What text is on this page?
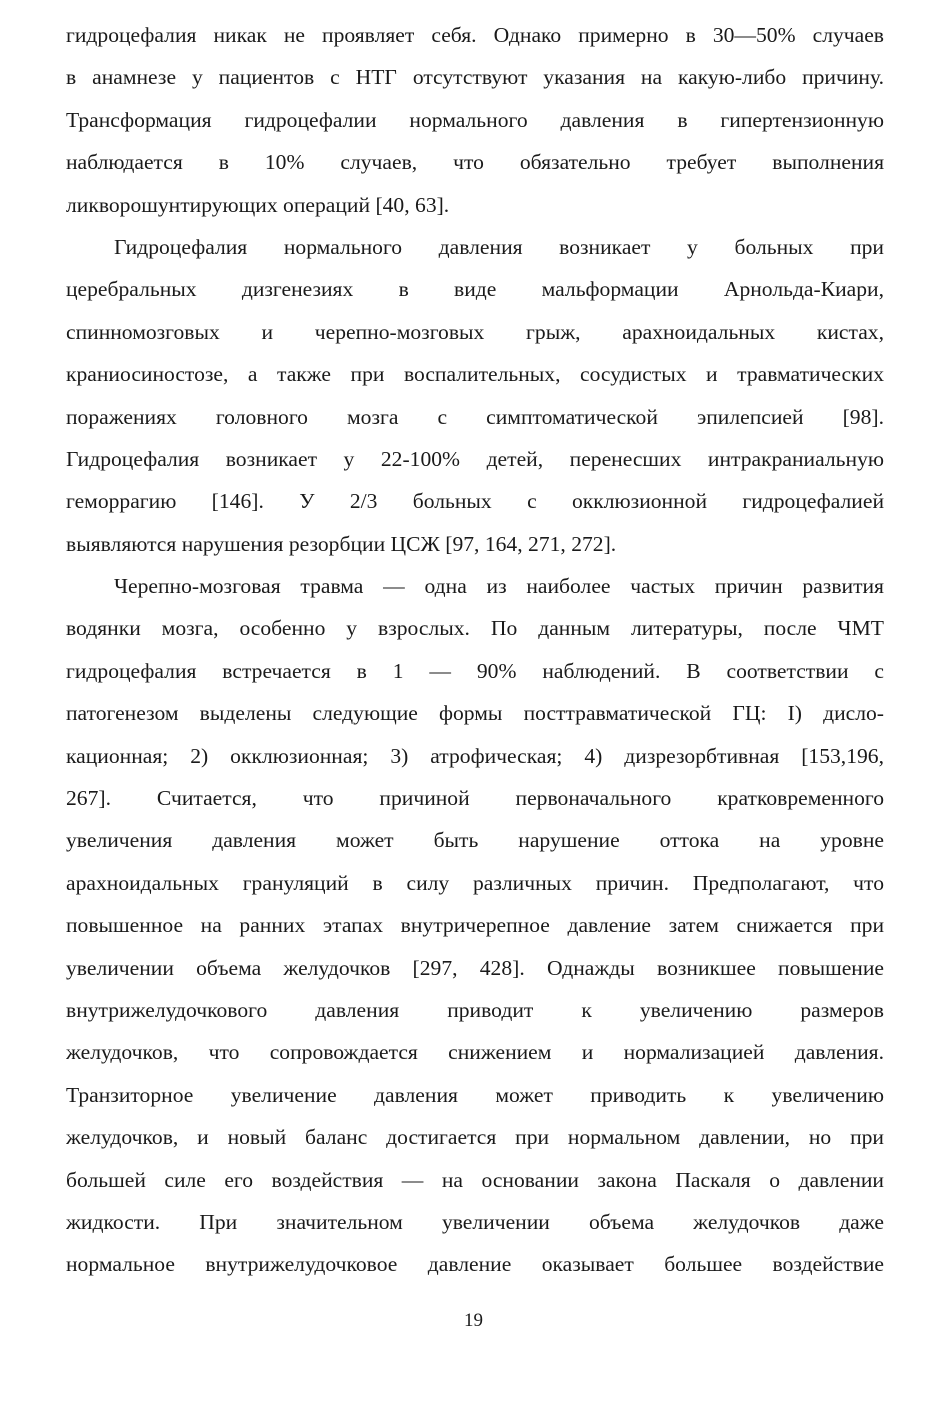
гидроцефалия никак не проявляет себя. Однако примерно в 30—50% случаев
в анамнезе у пациентов с НТГ отсутствуют указания на какую-либо причину.
Трансформация гидроцефалии нормального давления в гипертензионную
наблюдается в 10% случаев, что обязательно требует выполнения
ликворошунтирующих операций [40, 63].
Гидроцефалия нормального давления возникает у больных при
церебральных дизгенезиях в виде мальформации Арнольда-Киари,
спинномозговых и черепно-мозговых грыж, арахноидальных кистах,
краниосиностозе, а также при воспалительных, сосудистых и травматических
поражениях головного мозга с симптоматической эпилепсией [98].
Гидроцефалия возникает у 22-100% детей, перенесших интракраниальную
геморрагию [146]. У 2/3 больных с окклюзионной гидроцефалией
выявляются нарушения резорбции ЦСЖ [97, 164, 271, 272].
Черепно-мозговая травма — одна из наиболее частых причин развития
водянки мозга, особенно у взрослых. По данным литературы, после ЧМТ
гидроцефалия встречается в 1 — 90% наблюдений. В соответствии с
патогенезом выделены следующие формы посттравматической ГЦ: I) дисло-
кационная; 2) окклюзионная; 3) атрофическая; 4) дизрезорбтивная [153,196,
267]. Считается, что причиной первоначального кратковременного
увеличения давления может быть нарушение оттока на уровне
арахноидальных грануляций в силу различных причин. Предполагают, что
повышенное на ранних этапах внутричерепное давление затем снижается при
увеличении объема желудочков [297, 428]. Однажды возникшее повышение
внутрижелудочкового давления приводит к увеличению размеров
желудочков, что сопровождается снижением и нормализацией давления.
Транзиторное увеличение давления может приводить к увеличению
желудочков, и новый баланс достигается при нормальном давлении, но при
большей силе его воздействия — на основании закона Паскаля о давлении
жидкости. При значительном увеличении объема желудочков даже
нормальное внутрижелудочковое давление оказывает большее воздействие
19
